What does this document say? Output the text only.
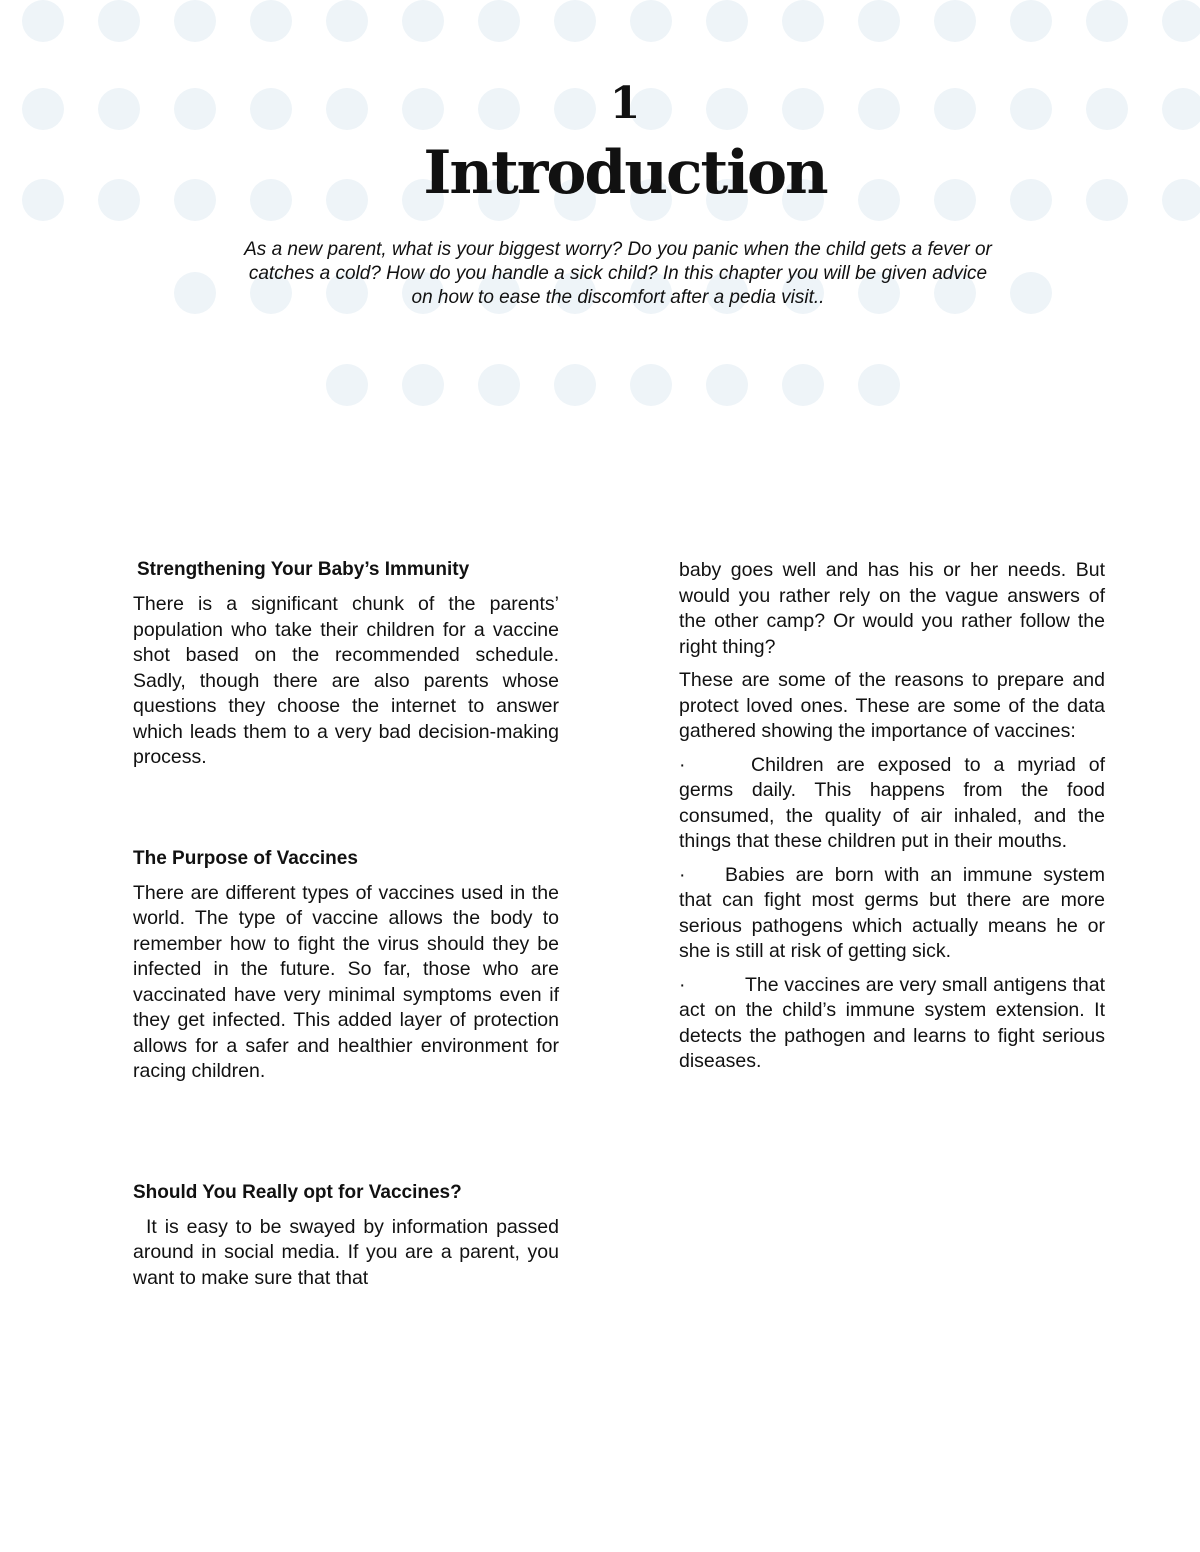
1
Introduction
As a new parent, what is your biggest worry? Do you panic when the child gets a fever or catches a cold? How do you handle a sick child? In this chapter you will be given advice on how to ease the discomfort after a pedia visit..
Strengthening Your Baby’s Immunity

There is a significant chunk of the parents’ population who take their children for a vaccine shot based on the recommended schedule. Sadly, though there are also parents whose questions they choose the internet to answer which leads them to a very bad decision-making process.

The Purpose of Vaccines

There are different types of vaccines used in the world. The type of vaccine allows the body to remember how to fight the virus should they be infected in the future. So far, those who are vaccinated have very minimal symptoms even if they get infected. This added layer of protection allows for a safer and healthier environment for racing children.

Should You Really opt for Vaccines?

It is easy to be swayed by information passed around in social media. If you are a parent, you want to make sure that that

baby goes well and has his or her needs. But would you rather rely on the vague answers of the other camp? Or would you rather follow the right thing?

These are some of the reasons to prepare and protect loved ones. These are some of the data gathered showing the importance of vaccines:

·	Children are exposed to a myriad of germs daily. This happens from the food consumed, the quality of air inhaled, and the things that these children put in their mouths.

· Babies are born with an immune system that can fight most germs but there are more serious pathogens which actually means he or she is still at risk of getting sick.

·	The vaccines are very small antigens that act on the child’s immune system extension. It detects the pathogen and learns to fight serious diseases.
